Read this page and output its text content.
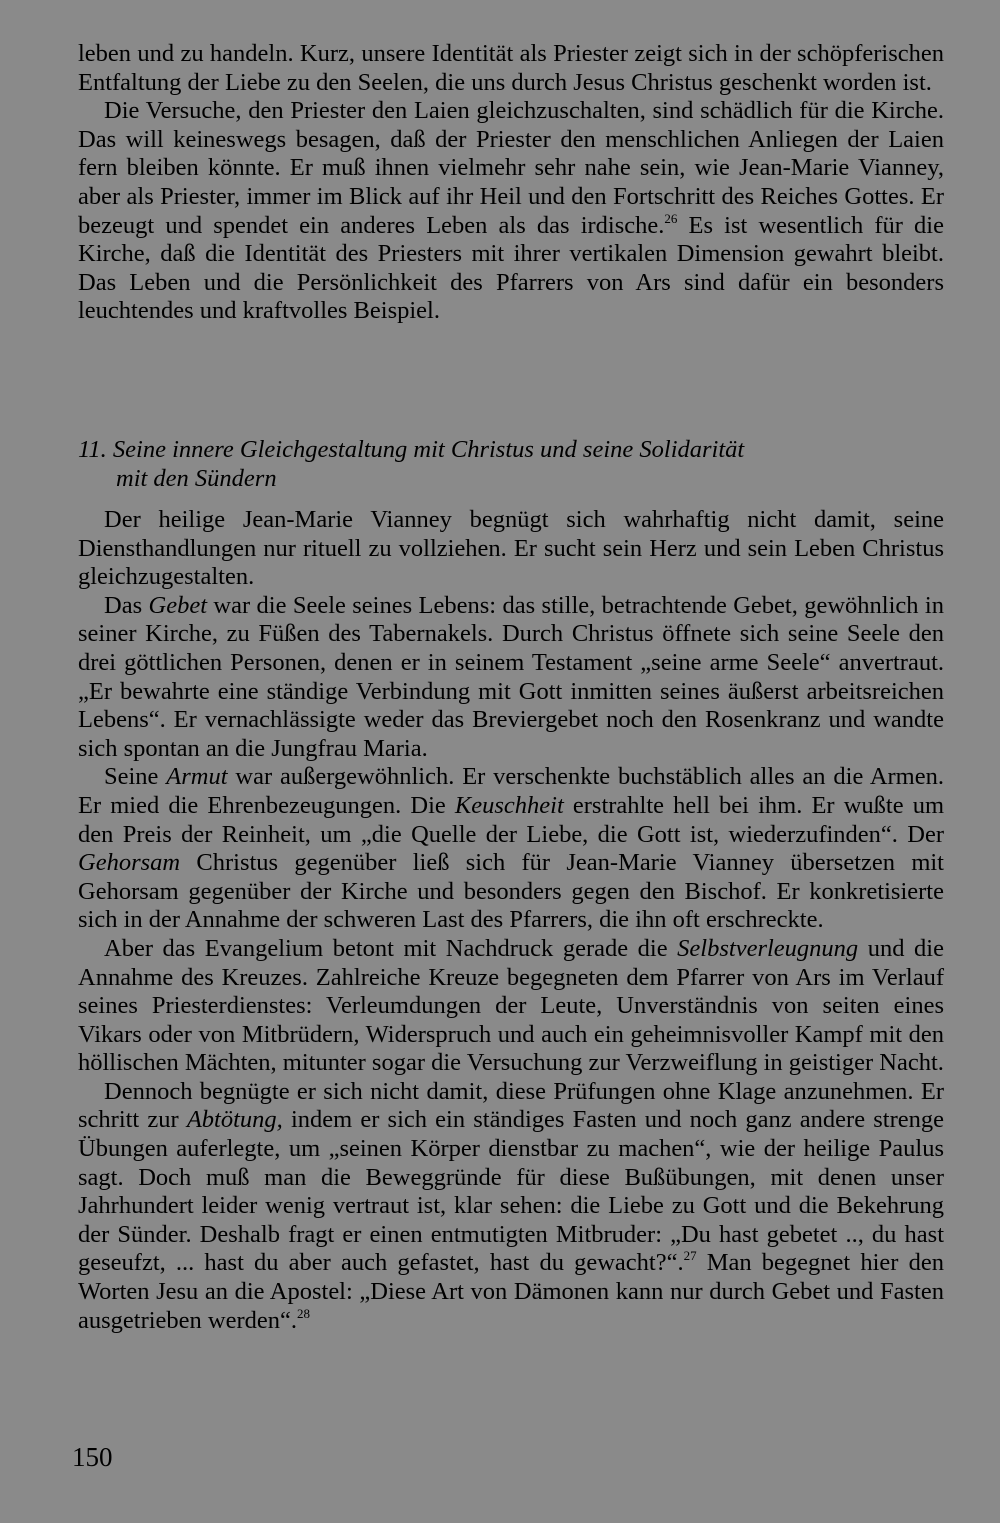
leben und zu handeln. Kurz, unsere Identität als Priester zeigt sich in der schöpferischen Entfaltung der Liebe zu den Seelen, die uns durch Jesus Christus geschenkt worden ist.

Die Versuche, den Priester den Laien gleichzuschalten, sind schädlich für die Kirche. Das will keineswegs besagen, daß der Priester den menschlichen Anliegen der Laien fern bleiben könnte. Er muß ihnen vielmehr sehr nahe sein, wie Jean-Marie Vianney, aber als Priester, immer im Blick auf ihr Heil und den Fortschritt des Reiches Gottes. Er bezeugt und spendet ein anderes Leben als das irdische.$^{26}$ Es ist wesentlich für die Kirche, daß die Identität des Priesters mit ihrer vertikalen Dimension gewahrt bleibt. Das Leben und die Persönlichkeit des Pfarrers von Ars sind dafür ein besonders leuchtendes und kraftvolles Beispiel.

11. Seine innere Gleichgestaltung mit Christus und seine Solidarität
mit den Sündern

Der heilige Jean-Marie Vianney begnügt sich wahrhaftig nicht damit, seine Diensthandlungen nur rituell zu vollziehen. Er sucht sein Herz und sein Leben Christus gleichzugestalten.

Das Gebet war die Seele seines Lebens: das stille, betrachtende Gebet, gewöhnlich in seiner Kirche, zu Füßen des Tabernakels. Durch Christus öffnete sich seine Seele den drei göttlichen Personen, denen er in seinem Testament „seine arme Seele“ anvertraut. „Er bewahrte eine ständige Verbindung mit Gott inmitten seines äußerst arbeitsreichen Lebens“. Er vernachlässigte weder das Breviergebet noch den Rosenkranz und wandte sich spontan an die Jungfrau Maria.

Seine Armut war außergewöhnlich. Er verschenkte buchstäblich alles an die Armen. Er mied die Ehrenbezeugungen. Die Keuschheit erstrahlte hell bei ihm. Er wußte um den Preis der Reinheit, um „die Quelle der Liebe, die Gott ist, wiederzufinden“. Der Gehorsam Christus gegenüber ließ sich für Jean-Marie Vianney übersetzen mit Gehorsam gegenüber der Kirche und besonders gegen den Bischof. Er konkretisierte sich in der Annahme der schweren Last des Pfarrers, die ihn oft erschreckte.

Aber das Evangelium betont mit Nachdruck gerade die Selbstverleugnung und die Annahme des Kreuzes. Zahlreiche Kreuze begegneten dem Pfarrer von Ars im Verlauf seines Priesterdienstes: Verleumdungen der Leute, Unverständnis von seiten eines Vikars oder von Mitbrüdern, Widerspruch und auch ein geheimnisvoller Kampf mit den höllischen Mächten, mitunter sogar die Versuchung zur Verzweiflung in geistiger Nacht.

Dennoch begnügte er sich nicht damit, diese Prüfungen ohne Klage anzunehmen. Er schritt zur Abtötung, indem er sich ein ständiges Fasten und noch ganz andere strenge Übungen auferlegte, um „seinen Körper dienstbar zu machen“, wie der heilige Paulus sagt. Doch muß man die Beweggründe für diese Bußübungen, mit denen unser Jahrhundert leider wenig vertraut ist, klar sehen: die Liebe zu Gott und die Bekehrung der Sünder. Deshalb fragt er einen entmutigten Mitbruder: „Du hast gebetet .., du hast geseufzt, ... hast du aber auch gefastet, hast du gewacht?“.$^{27}$ Man begegnet hier den Worten Jesu an die Apostel: „Diese Art von Dämonen kann nur durch Gebet und Fasten ausgetrieben werden“.$^{28}$

150
